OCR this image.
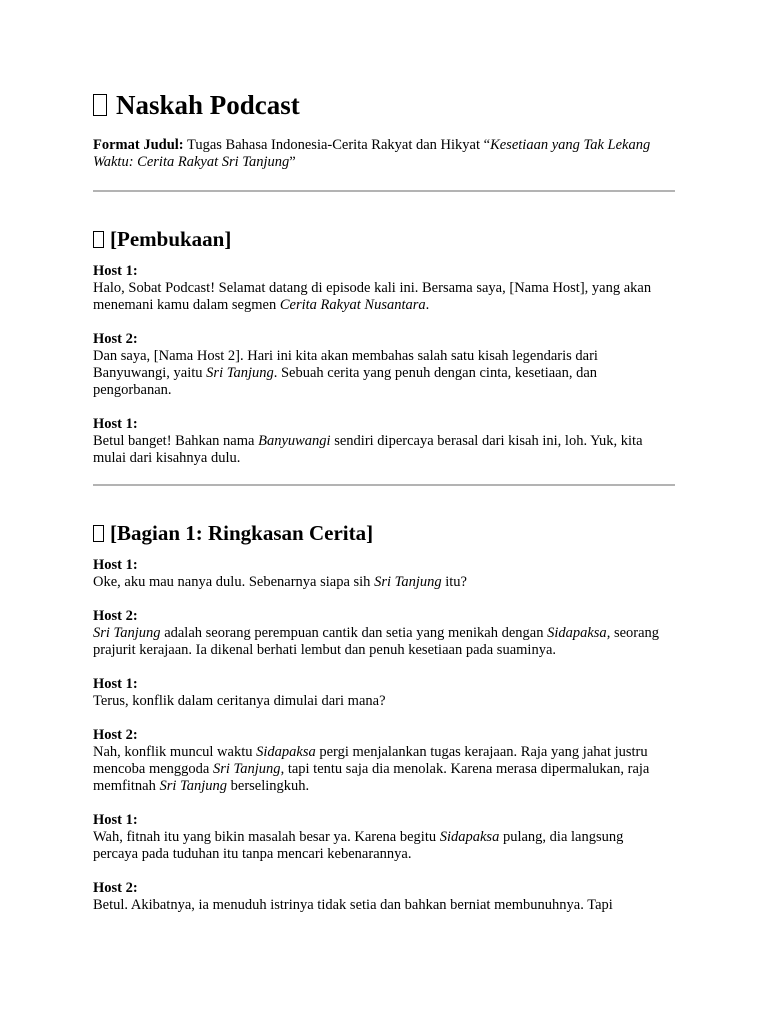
Naskah Podcast

Format Judul: Tugas Bahasa Indonesia-Cerita Rakyat dan Hikyat “Kesetiaan yang Tak Lekang Waktu: Cerita Rakyat Sri Tanjung”

[Pembukaan]

Host 1:
Halo, Sobat Podcast! Selamat datang di episode kali ini. Bersama saya, [Nama Host], yang akan menemani kamu dalam segmen Cerita Rakyat Nusantara.

Host 2:
Dan saya, [Nama Host 2]. Hari ini kita akan membahas salah satu kisah legendaris dari Banyuwangi, yaitu Sri Tanjung. Sebuah cerita yang penuh dengan cinta, kesetiaan, dan pengorbanan.

Host 1:
Betul banget! Bahkan nama Banyuwangi sendiri dipercaya berasal dari kisah ini, loh. Yuk, kita mulai dari kisahnya dulu.

[Bagian 1: Ringkasan Cerita]

Host 1:
Oke, aku mau nanya dulu. Sebenarnya siapa sih Sri Tanjung itu?

Host 2:
Sri Tanjung adalah seorang perempuan cantik dan setia yang menikah dengan Sidapaksa, seorang prajurit kerajaan. Ia dikenal berhati lembut dan penuh kesetiaan pada suaminya.

Host 1:
Terus, konflik dalam ceritanya dimulai dari mana?

Host 2:
Nah, konflik muncul waktu Sidapaksa pergi menjalankan tugas kerajaan. Raja yang jahat justru mencoba menggoda Sri Tanjung, tapi tentu saja dia menolak. Karena merasa dipermalukan, raja memfitnah Sri Tanjung berselingkuh.

Host 1:
Wah, fitnah itu yang bikin masalah besar ya. Karena begitu Sidapaksa pulang, dia langsung percaya pada tuduhan itu tanpa mencari kebenarannya.

Host 2:
Betul. Akibatnya, ia menuduh istrinya tidak setia dan bahkan berniat membunuhnya. Tapi
